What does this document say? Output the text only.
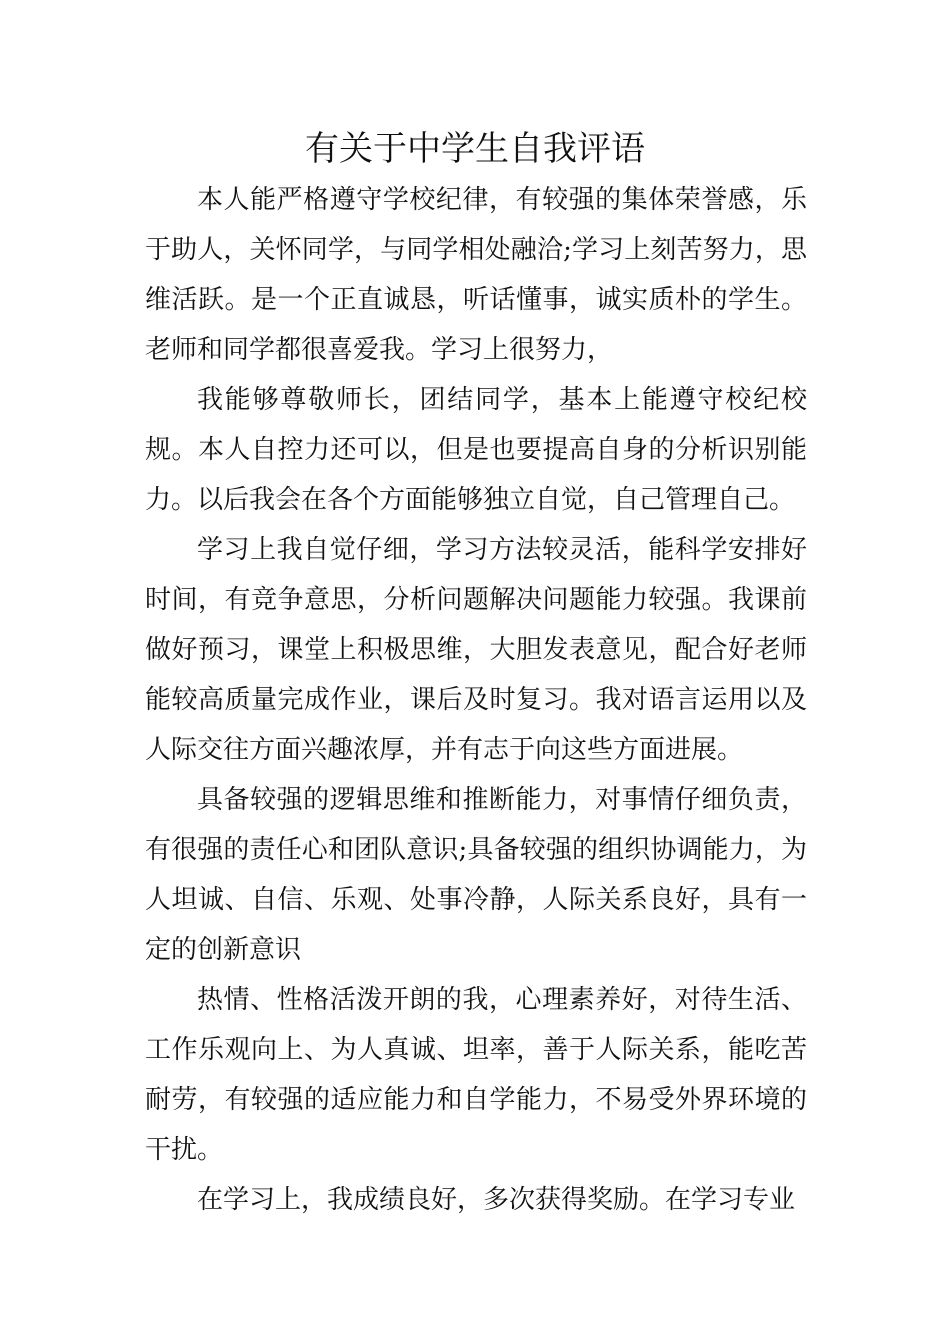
有关于中学生自我评语

本人能严格遵守学校纪律，有较强的集体荣誉感，乐于助人，关怀同学，与同学相处融洽;学习上刻苦努力，思维活跃。是一个正直诚恳，听话懂事，诚实质朴的学生。老师和同学都很喜爱我。学习上很努力，

我能够尊敬师长，团结同学，基本上能遵守校纪校规。本人自控力还可以，但是也要提高自身的分析识别能力。以后我会在各个方面能够独立自觉，自己管理自己。

学习上我自觉仔细，学习方法较灵活，能科学安排好时间，有竞争意思，分析问题解决问题能力较强。我课前做好预习，课堂上积极思维，大胆发表意见，配合好老师能较高质量完成作业，课后及时复习。我对语言运用以及人际交往方面兴趣浓厚，并有志于向这些方面进展。

具备较强的逻辑思维和推断能力，对事情仔细负责，有很强的责任心和团队意识;具备较强的组织协调能力，为人坦诚、自信、乐观、处事冷静，人际关系良好，具有一定的创新意识

热情、性格活泼开朗的我，心理素养好，对待生活、工作乐观向上、为人真诚、坦率，善于人际关系，能吃苦耐劳，有较强的适应能力和自学能力，不易受外界环境的干扰。

在学习上，我成绩良好，多次获得奖励。在学习专业
